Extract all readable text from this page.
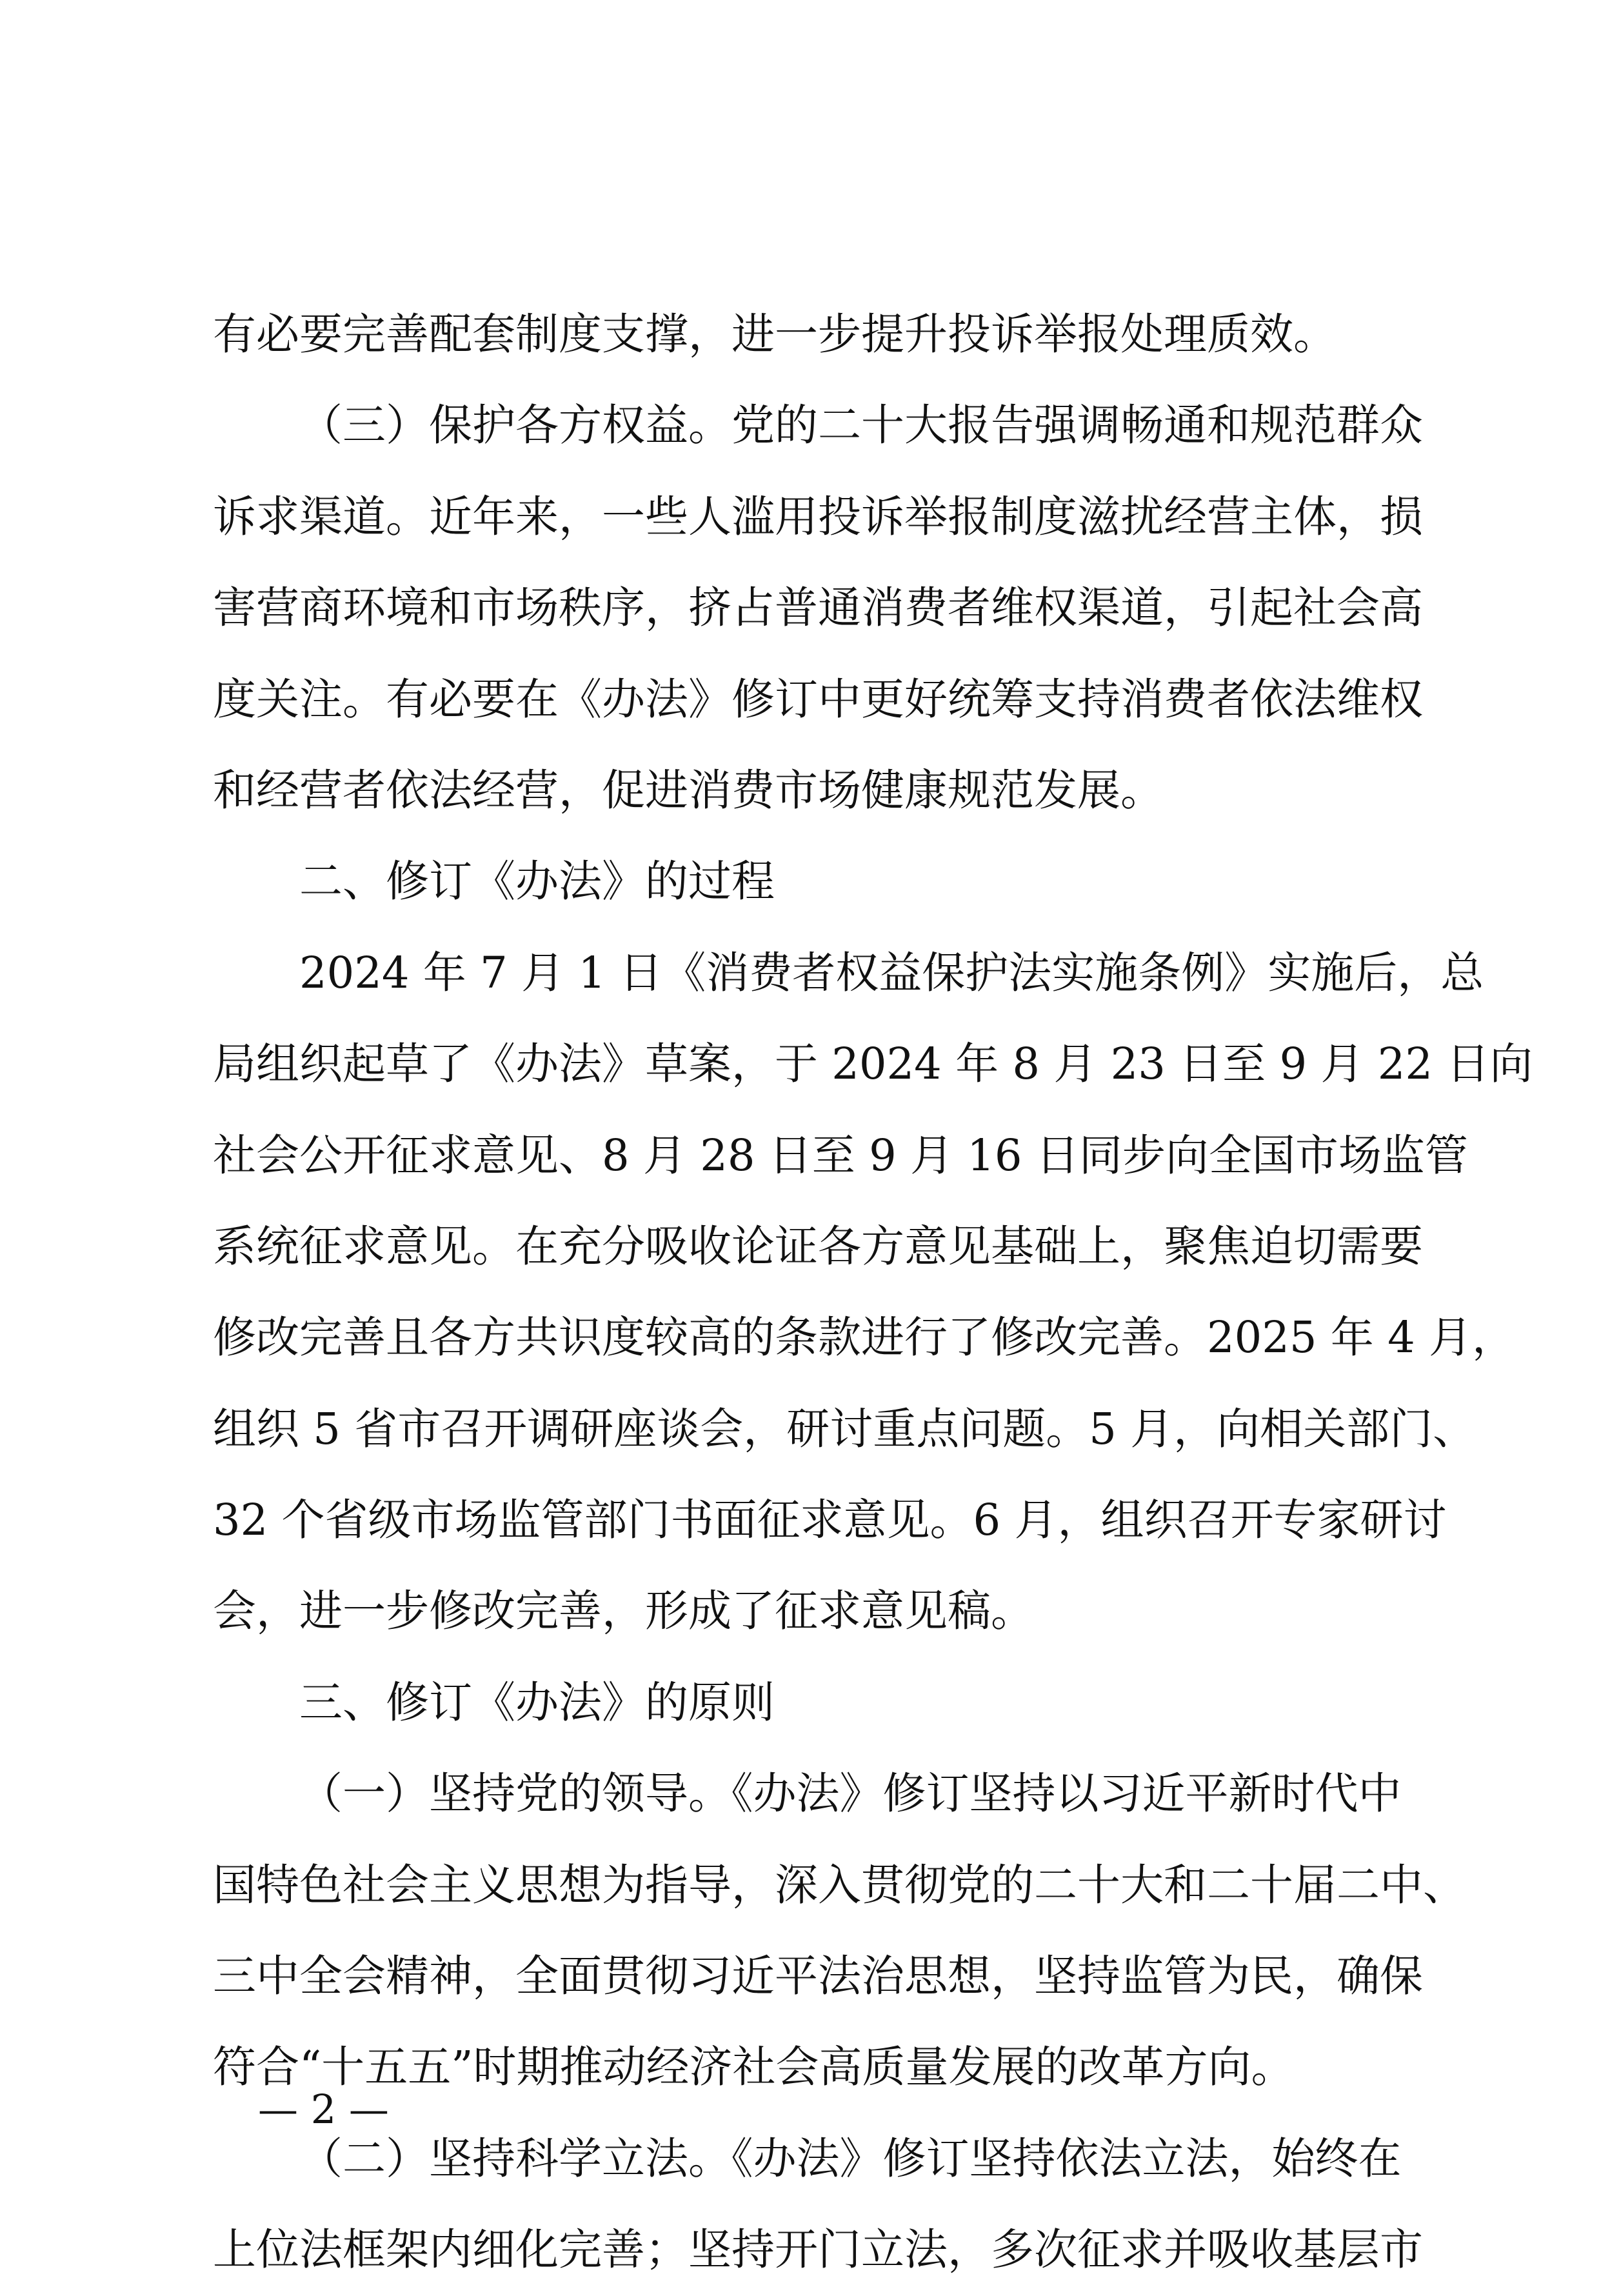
有必要完善配套制度支撑，进一步提升投诉举报处理质效。
（三）保护各方权益。党的二十大报告强调畅通和规范群众
诉求渠道。近年来，一些人滥用投诉举报制度滋扰经营主体，损
害营商环境和市场秩序，挤占普通消费者维权渠道，引起社会高
度关注。有必要在《办法》修订中更好统筹支持消费者依法维权
和经营者依法经营，促进消费市场健康规范发展。
二、修订《办法》的过程
2024 年 7 月 1 日《消费者权益保护法实施条例》实施后，总
局组织起草了《办法》草案，于 2024 年 8 月 23 日至 9 月 22 日向
社会公开征求意见、8 月 28 日至 9 月 16 日同步向全国市场监管
系统征求意见。在充分吸收论证各方意见基础上，聚焦迫切需要
修改完善且各方共识度较高的条款进行了修改完善。2025 年 4 月，
组织 5 省市召开调研座谈会，研讨重点问题。5 月，向相关部门、
32 个省级市场监管部门书面征求意见。6 月，组织召开专家研讨
会，进一步修改完善，形成了征求意见稿。
三、修订《办法》的原则
（一）坚持党的领导。《办法》修订坚持以习近平新时代中
国特色社会主义思想为指导，深入贯彻党的二十大和二十届二中、
三中全会精神，全面贯彻习近平法治思想，坚持监管为民，确保
符合“十五五”时期推动经济社会高质量发展的改革方向。
（二）坚持科学立法。《办法》修订坚持依法立法，始终在
上位法框架内细化完善；坚持开门立法，多次征求并吸收基层市
— 2 —
